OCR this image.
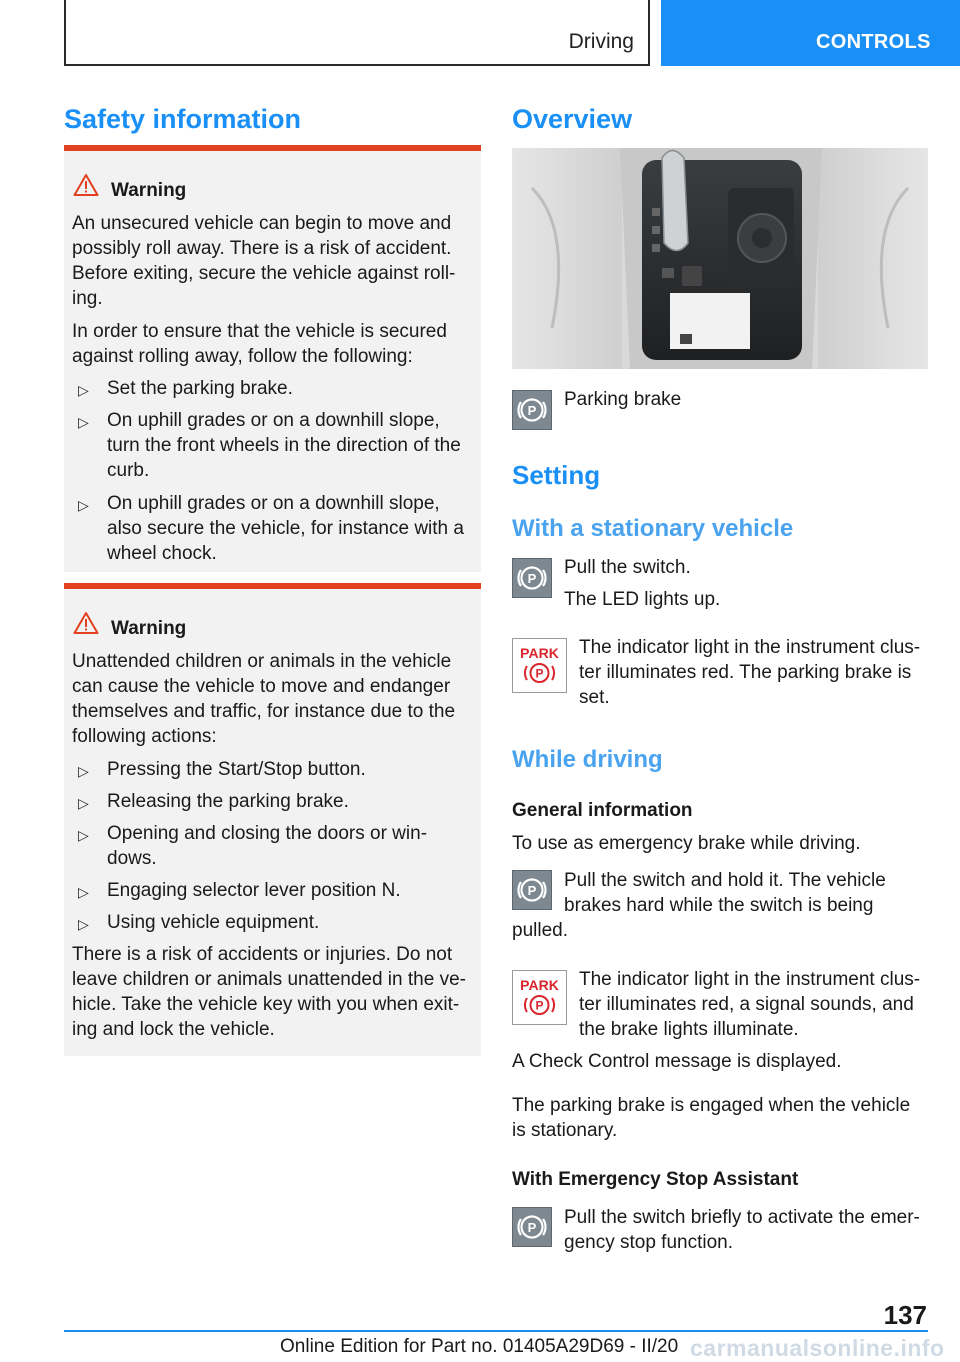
Driving	CONTROLS
Safety information
Warning
An unsecured vehicle can begin to move and
possibly roll away. There is a risk of accident.
Before exiting, secure the vehicle against roll-
ing.
In order to ensure that the vehicle is secured
against rolling away, follow the following:
▷ Set the parking brake.
▷ On uphill grades or on a downhill slope,
turn the front wheels in the direction of the
curb.
▷ On uphill grades or on a downhill slope,
also secure the vehicle, for instance with a
wheel chock.
Warning
Unattended children or animals in the vehicle
can cause the vehicle to move and endanger
themselves and traffic, for instance due to the
following actions:
▷ Pressing the Start/Stop button.
▷ Releasing the parking brake.
▷ Opening and closing the doors or win-
dows.
▷ Engaging selector lever position N.
▷ Using vehicle equipment.
There is a risk of accidents or injuries. Do not
leave children or animals unattended in the ve-
hicle. Take the vehicle key with you when exit-
ing and lock the vehicle.
Overview
P
Parking brake
Setting
With a stationary vehicle
P
Pull the switch.
The LED lights up.
PARK
P
The indicator light in the instrument clus-
ter illuminates red. The parking brake is
set.
While driving
General information
To use as emergency brake while driving.
P Pull the switch and hold it. The vehicle
brakes hard while the switch is being
pulled.
PARK
P
The indicator light in the instrument clus-
ter illuminates red, a signal sounds, and
the brake lights illuminate.
A Check Control message is displayed.
The parking brake is engaged when the vehicle
is stationary.
With Emergency Stop Assistant
P Pull the switch briefly to activate the emer-
gency stop function.
137
Online Edition for Part no. 01405A29D69 - II/20 carmanualsonline.info
